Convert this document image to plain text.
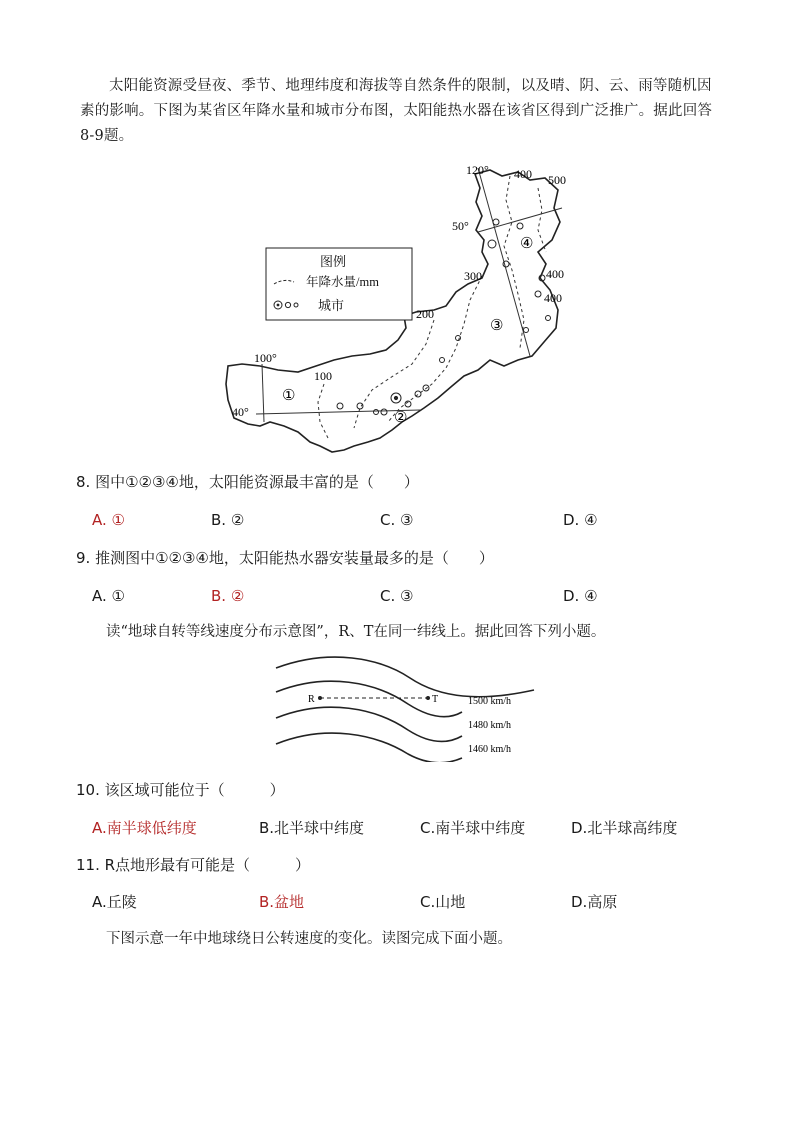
太阳能资源受昼夜、季节、地理纬度和海拔等自然条件的限制，以及晴、阴、云、雨等随机因素的影响。下图为某省区年降水量和城市分布图，太阳能热水器在该省区得到广泛推广。据此回答8-9题。
图例
年降水量/mm
城市
120°
50°
100°
40°
400 500
400
400
300
200
100
④
③
②
①
8. 图中①②③④地，太阳能资源最丰富的是（　　）
A. ①	B. ②	C. ③	D. ④
9. 推测图中①②③④地，太阳能热水器安装量最多的是（　　）
A. ①	B. ②	C. ③	D. ④
读“地球自转等线速度分布示意图”，R、T在同一纬线上。据此回答下列小题。
R	T	1500 km/h
1480 km/h
1460 km/h
10. 该区域可能位于（　　　）
A.南半球低纬度	B.北半球中纬度	C.南半球中纬度	D.北半球高纬度
11. R点地形最有可能是（　　　）
A.丘陵	B.盆地	C.山地	D.高原
下图示意一年中地球绕日公转速度的变化。读图完成下面小题。
